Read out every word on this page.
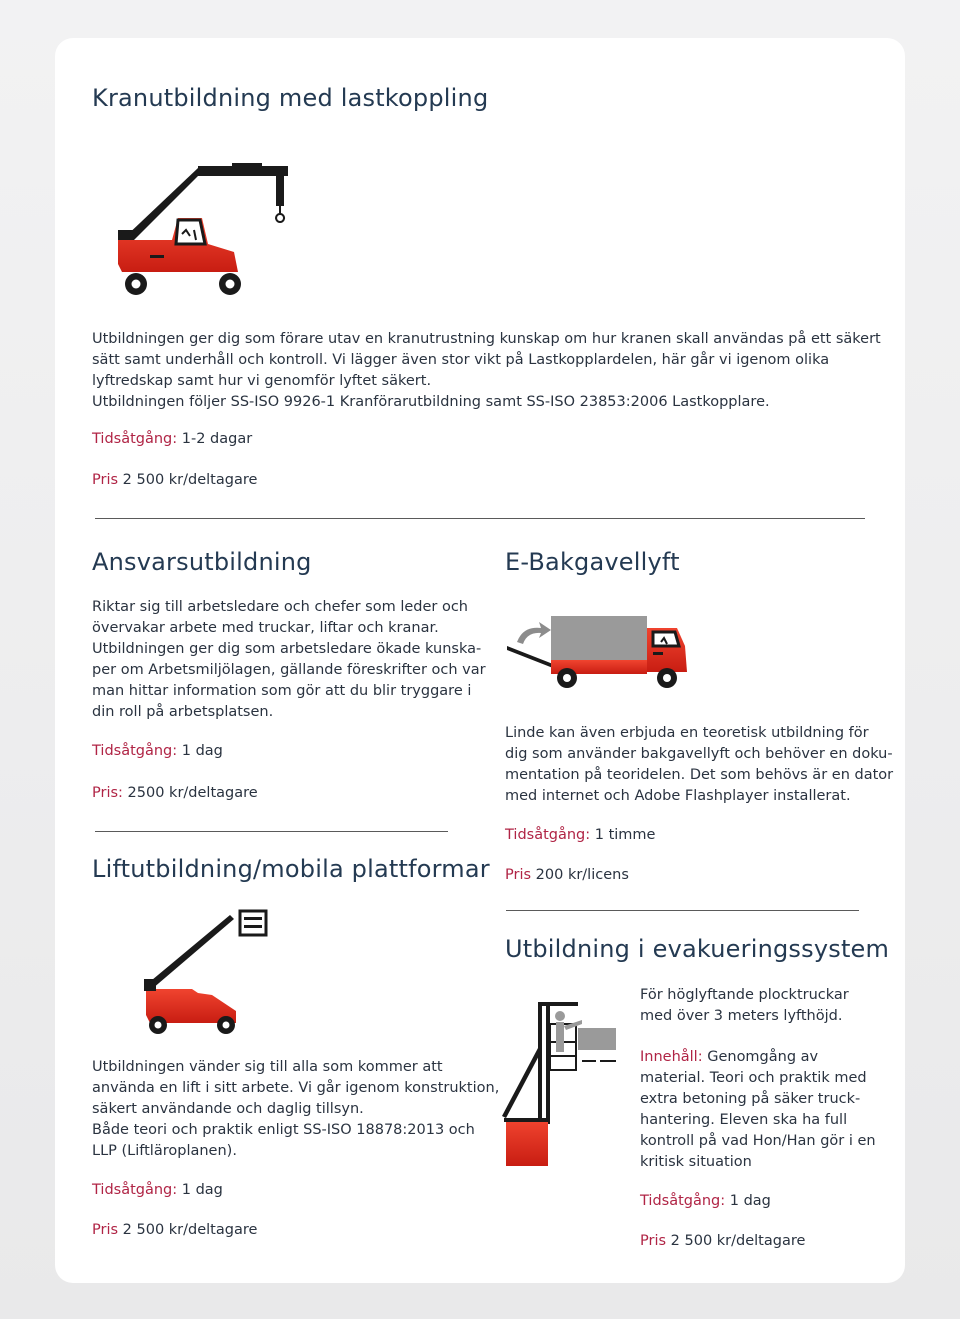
Kranutbildning med lastkoppling

Utbildningen ger dig som förare utav en kranutrustning kunskap om hur kranen skall användas på ett säkert

sätt samt underhåll och kontroll. Vi lägger även stor vikt på Lastkopplardelen, här går vi igenom olika

lyftredskap samt hur vi genomför lyftet säkert.

Utbildningen följer SS-ISO 9926-1 Kranförarutbildning samt SS-ISO 23853:2006 Lastkopplare.

Tidsåtgång: 1-2 dagar
Pris 2 500 kr/deltagare
Ansvarsutbildning

Riktar sig till arbetsledare och chefer som leder och

övervakar arbete med truckar, liftar och kranar.

Utbildningen ger dig som arbetsledare ökade kunska-

per om Arbetsmiljölagen, gällande föreskrifter och var

man hittar information som gör att du blir tryggare i

din roll på arbetsplatsen.

Tidsåtgång: 1 dag
Pris: 2500 kr/deltagare
Liftutbildning/mobila plattformar

Utbildningen vänder sig till alla som kommer att

använda en lift i sitt arbete. Vi går igenom konstruktion,

säkert användande och daglig tillsyn.

Både teori och praktik enligt SS-ISO 18878:2013 och

LLP (Liftläroplanen).

Tidsåtgång: 1 dag
Pris 2 500 kr/deltagare
E-Bakgavellyft

Linde kan även erbjuda en teoretisk utbildning för

dig som använder bakgavellyft och behöver en doku-

mentation på teoridelen. Det som behövs är en dator

med internet och Adobe Flashplayer installerat.

Tidsåtgång: 1 timme
Pris 200 kr/licens
Utbildning i evakueringssystem

För höglyftande plocktruckar

med över 3 meters lyfthöjd.

Innehåll: Genomgång av

material. Teori och praktik med

extra betoning på säker truck-

hantering. Eleven ska ha full

kontroll på vad Hon/Han gör i en

kritisk situation

Tidsåtgång: 1 dag
Pris 2 500 kr/deltagare
